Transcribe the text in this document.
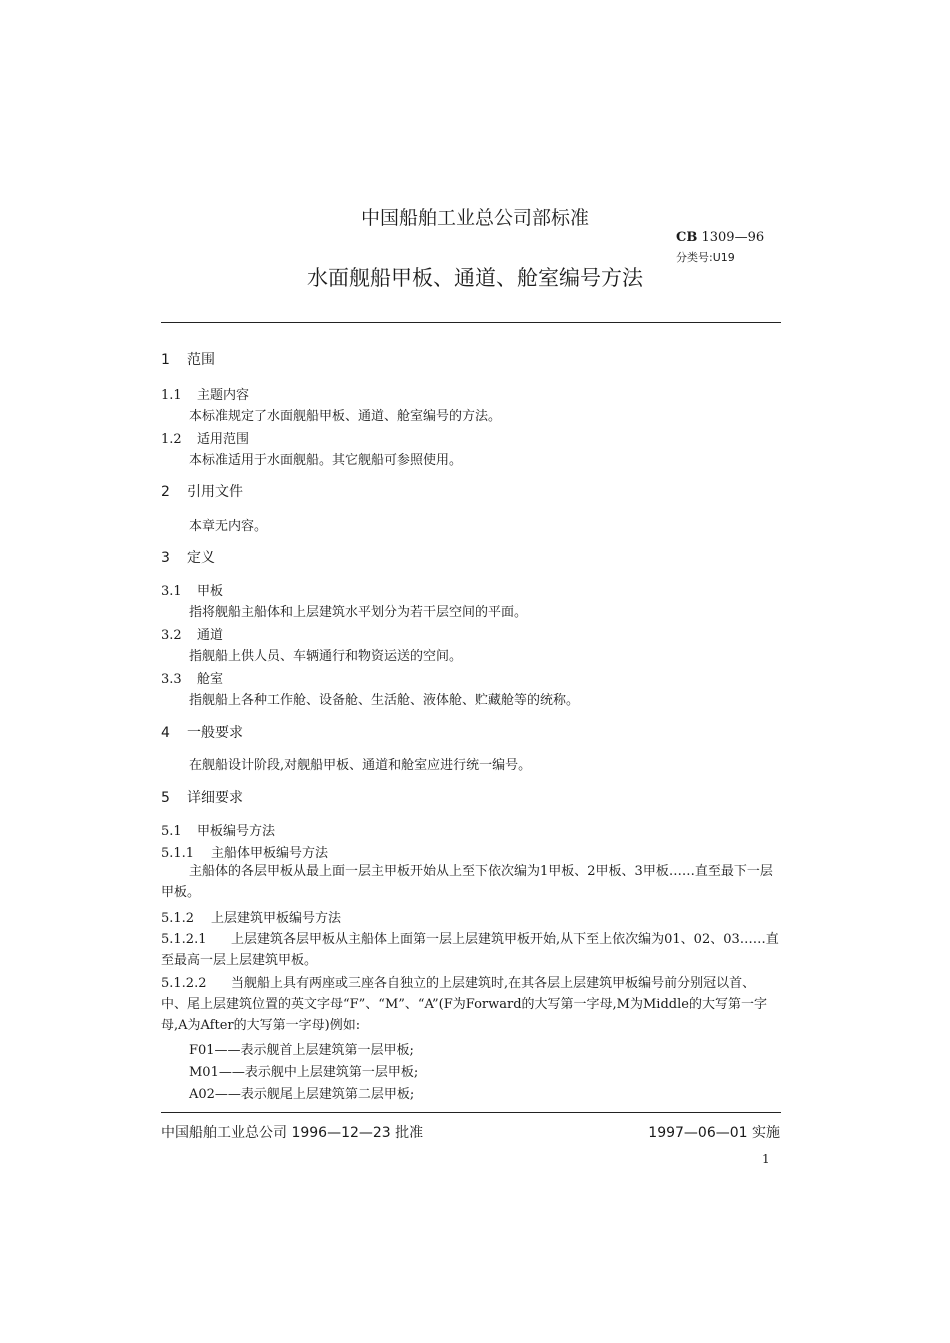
中国船舶工业总公司部标准
CB 1309—96
分类号:U19
水面舰船甲板、通道、舱室编号方法
1 范围
1.1 主题内容
本标准规定了水面舰船甲板、通道、舱室编号的方法。
1.2 适用范围
本标准适用于水面舰船。其它舰船可参照使用。
2 引用文件
本章无内容。
3 定义
3.1 甲板
指将舰船主船体和上层建筑水平划分为若干层空间的平面。
3.2 通道
指舰船上供人员、车辆通行和物资运送的空间。
3.3 舱室
指舰船上各种工作舱、设备舱、生活舱、液体舱、贮藏舱等的统称。
4 一般要求
在舰船设计阶段,对舰船甲板、通道和舱室应进行统一编号。
5 详细要求
5.1 甲板编号方法
5.1.1 主船体甲板编号方法
主船体的各层甲板从最上面一层主甲板开始从上至下依次编为1甲板、2甲板、3甲板……直至最下一层甲板。
5.1.2 上层建筑甲板编号方法
5.1.2.1 上层建筑各层甲板从主船体上面第一层上层建筑甲板开始,从下至上依次编为01、02、03……直至最高一层上层建筑甲板。
5.1.2.2 当舰船上具有两座或三座各自独立的上层建筑时,在其各层上层建筑甲板编号前分别冠以首、中、尾上层建筑位置的英文字母“F”、“M”、“A”(F为Forward的大写第一字母,M为Middle的大写第一字母,A为After的大写第一字母)例如:
F01——表示舰首上层建筑第一层甲板;
M01——表示舰中上层建筑第一层甲板;
A02——表示舰尾上层建筑第二层甲板;
中国船舶工业总公司 1996—12—23 批准	1997—06—01 实施
1
